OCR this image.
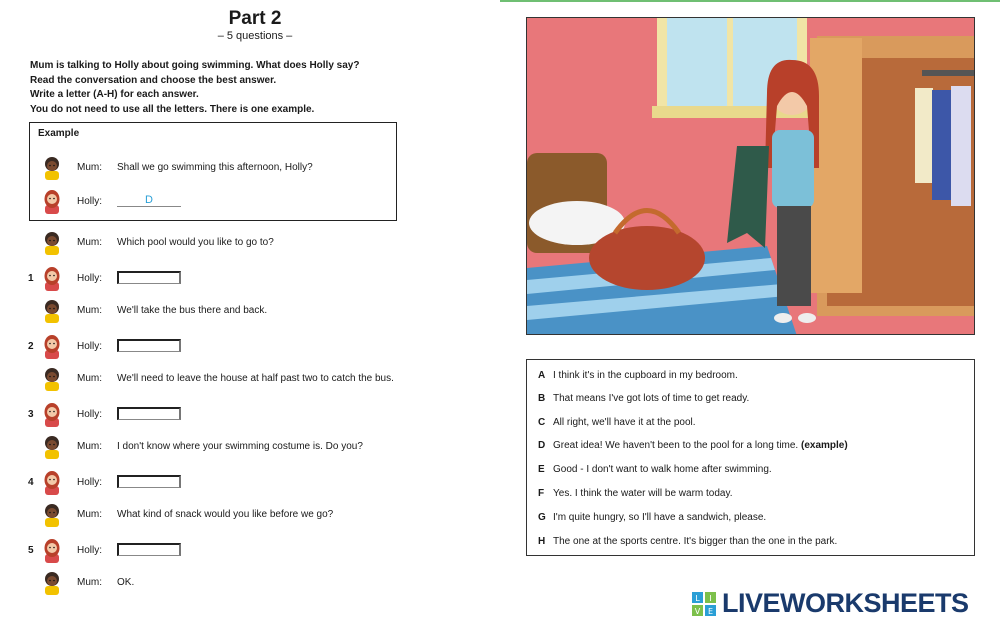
Part 2
– 5 questions –
Mum is talking to Holly about going swimming. What does Holly say?
Read the conversation and choose the best answer.
Write a letter (A-H) for each answer.
You do not need to use all the letters. There is one example.
Example
Mum: Shall we go swimming this afternoon, Holly?
Holly:	D
Mum: Which pool would you like to go to?
1	Holly:
Mum: We'll take the bus there and back.
2	Holly:
Mum: We'll need to leave the house at half past two to catch the bus.
3	Holly:
Mum: I don't know where your swimming costume is. Do you?
4	Holly:
Mum: What kind of snack would you like before we go?
5	Holly:
Mum: OK.
A I think it's in the cupboard in my bedroom.
B That means I've got lots of time to get ready.
C All right, we'll have it at the pool.
D Great idea! We haven't been to the pool for a long time. (example)
E Good - I don't want to walk home after swimming.
F Yes. I think the water will be warm today.
G I'm quite hungry, so I'll have a sandwich, please.
H The one at the sports centre. It's bigger than the one in the park.
L I
V E LIVEWORKSHEETS
